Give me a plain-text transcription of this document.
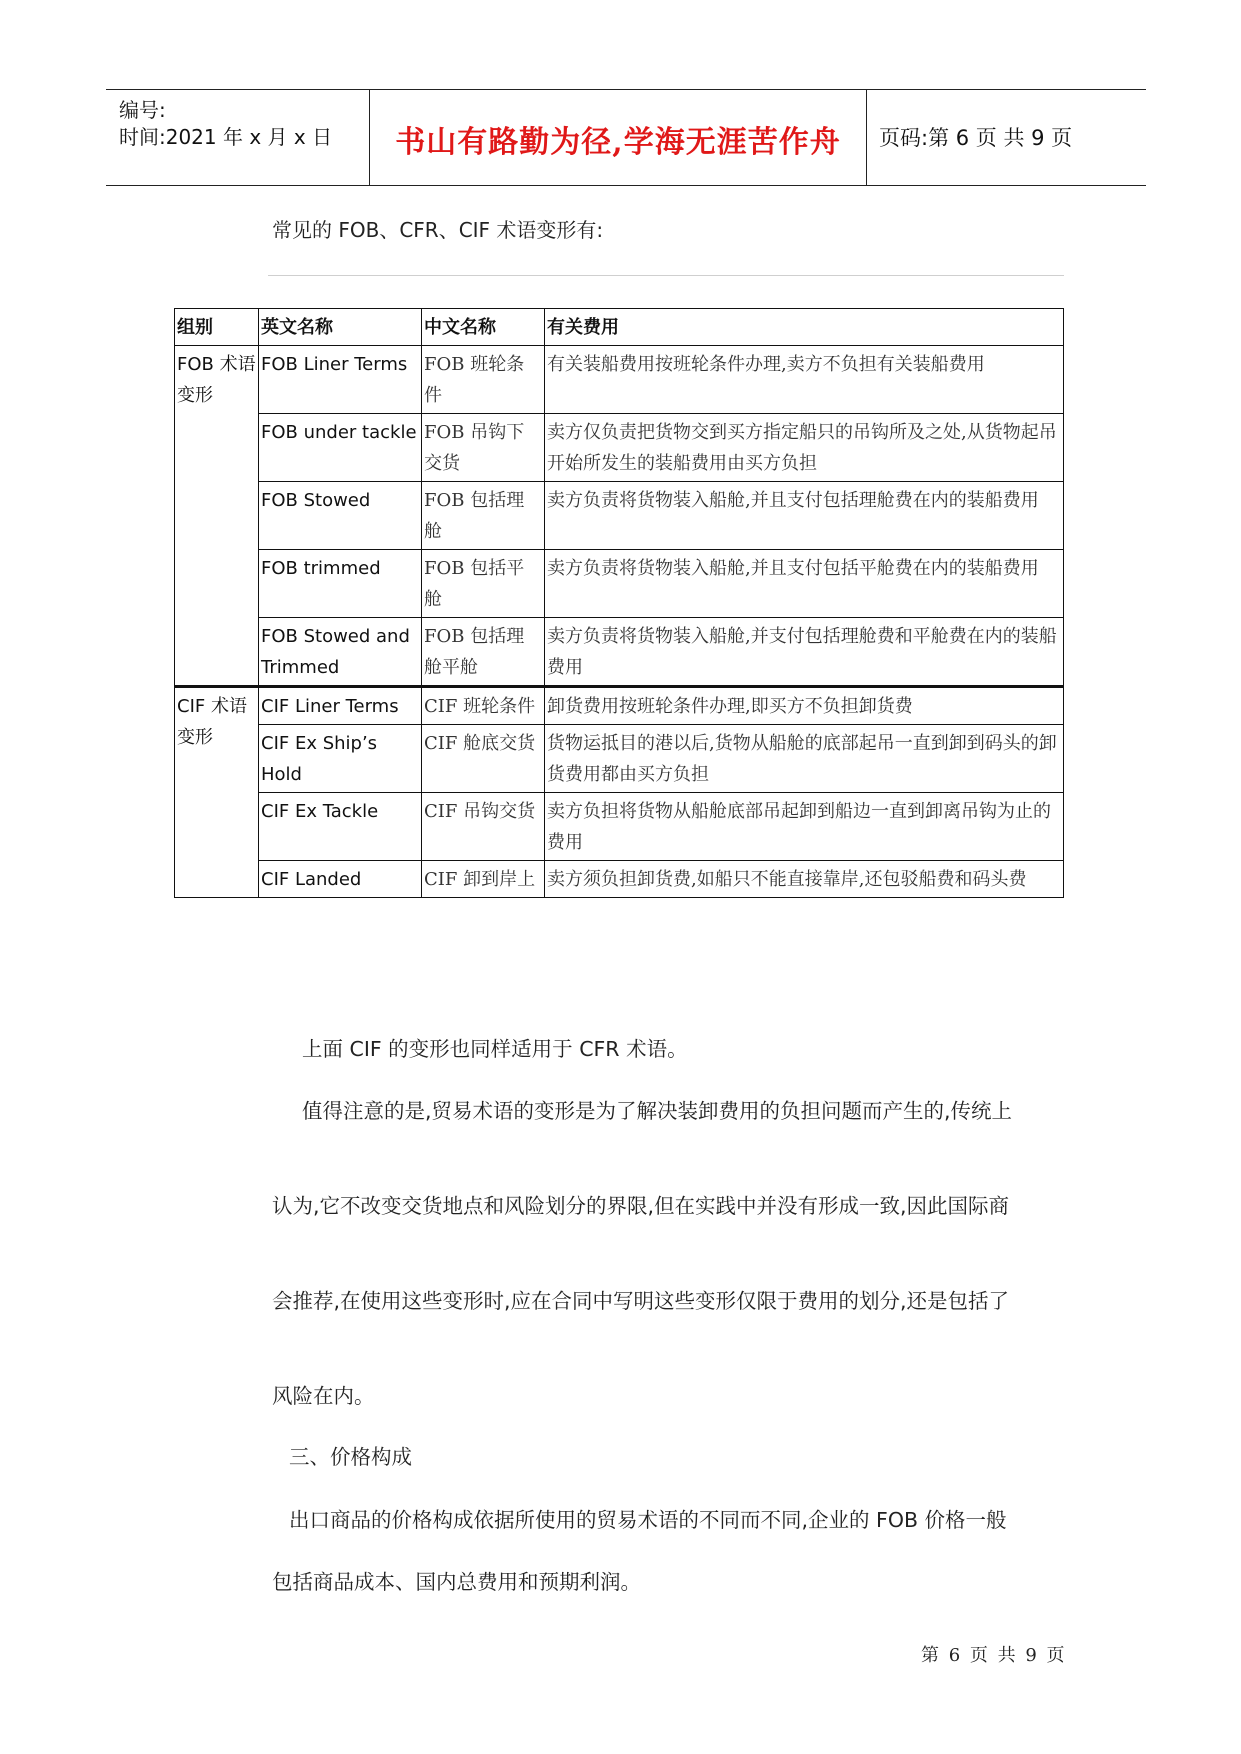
编号:
时间:2021 年 x 月 x 日	书山有路勤为径,学海无涯苦作舟	页码:第 6 页 共 9 页
常见的 FOB、CFR、CIF 术语变形有:
组别	英文名称	中文名称	有关费用
FOB 术语变形	FOB Liner Terms	FOB 班轮条件	有关装船费用按班轮条件办理,卖方不负担有关装船费用
	FOB under tackle	FOB 吊钩下交货	卖方仅负责把货物交到买方指定船只的吊钩所及之处,从货物起吊开始所发生的装船费用由买方负担
	FOB Stowed	FOB 包括理舱	卖方负责将货物装入船舱,并且支付包括理舱费在内的装船费用
	FOB trimmed	FOB 包括平舱	卖方负责将货物装入船舱,并且支付包括平舱费在内的装船费用
	FOB Stowed and Trimmed	FOB 包括理舱平舱	卖方负责将货物装入船舱,并支付包括理舱费和平舱费在内的装船费用
CIF 术语变形	CIF Liner Terms	CIF 班轮条件	卸货费用按班轮条件办理,即买方不负担卸货费
	CIF Ex Ship’s Hold	CIF 舱底交货	货物运抵目的港以后,货物从船舱的底部起吊一直到卸到码头的卸货费用都由买方负担
	CIF Ex Tackle	CIF 吊钩交货	卖方负担将货物从船舱底部吊起卸到船边一直到卸离吊钩为止的费用
	CIF Landed	CIF 卸到岸上	卖方须负担卸货费,如船只不能直接靠岸,还包驳船费和码头费
上面 CIF 的变形也同样适用于 CFR 术语。
值得注意的是,贸易术语的变形是为了解决装卸费用的负担问题而产生的,传统上
认为,它不改变交货地点和风险划分的界限,但在实践中并没有形成一致,因此国际商
会推荐,在使用这些变形时,应在合同中写明这些变形仅限于费用的划分,还是包括了
风险在内。
三、价格构成
出口商品的价格构成依据所使用的贸易术语的不同而不同,企业的 FOB 价格一般
包括商品成本、国内总费用和预期利润。
第 6 页 共 9 页
